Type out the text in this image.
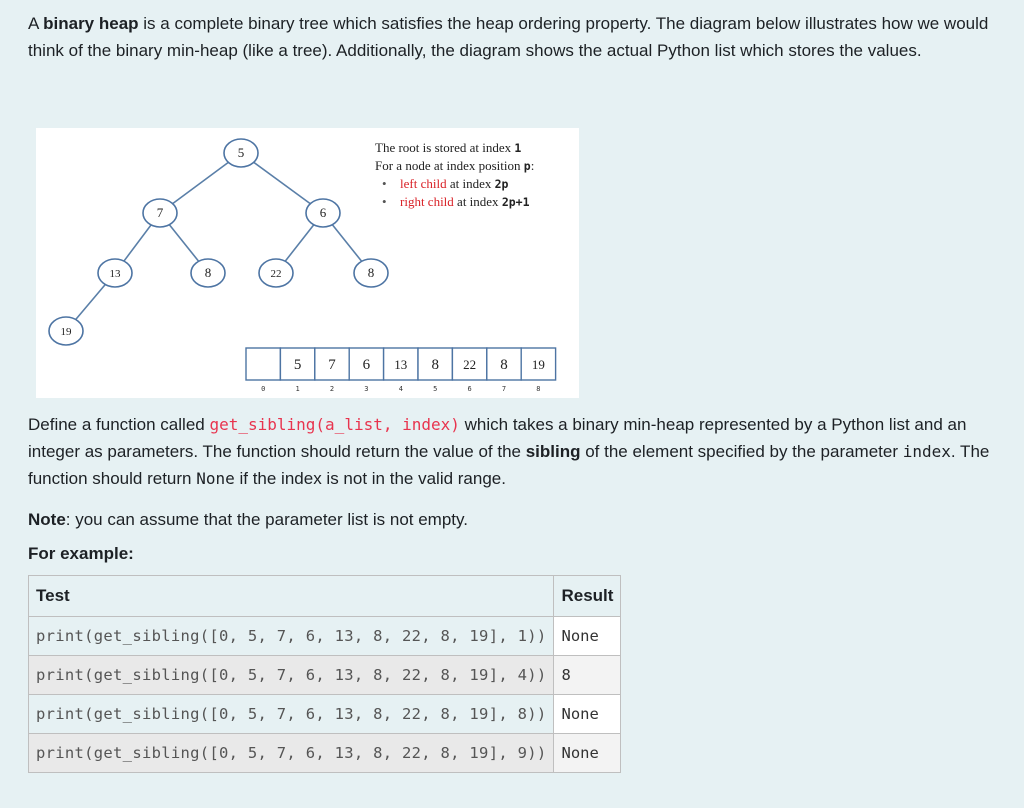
A binary heap is a complete binary tree which satisfies the heap ordering property. The diagram below illustrates how we would think of the binary min-heap (like a tree). Additionally, the diagram shows the actual Python list which stores the values.

5
7	6
13	8	22	8
19
0
5
1
7
2
6
3
13
4
8
5
22
6
8
7
19
8
The root is stored at index 1
For a node at index position p:
• left child at index 2p
• right child at index 2p+1

Define a function called get_sibling(a_list, index) which takes a binary min-heap represented by a Python list and an integer as parameters. The function should return the value of the sibling of the element specified by the parameter index. The function should return None if the index is not in the valid range.

Note: you can assume that the parameter list is not empty.

For example:

Test	Result
print(get_sibling([0, 5, 7, 6, 13, 8, 22, 8, 19], 1))	None
print(get_sibling([0, 5, 7, 6, 13, 8, 22, 8, 19], 4))	8
print(get_sibling([0, 5, 7, 6, 13, 8, 22, 8, 19], 8))	None
print(get_sibling([0, 5, 7, 6, 13, 8, 22, 8, 19], 9))	None
